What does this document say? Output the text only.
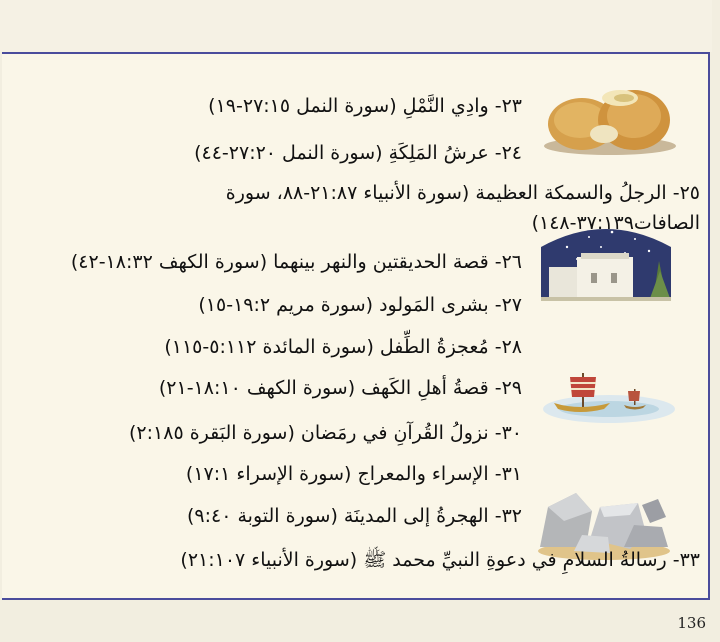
٢٣- وادِي النَّمْلِ (سورة النمل ٢٧:١٥-١٩)
٢٤- عرشُ المَلِكَةِ (سورة النمل ٢٧:٢٠-٤٤)
٢٥- الرجلُ والسمكة العظيمة (سورة الأنبياء ٢١:٨٧-٨٨، سورة الصافات٣٧:١٣٩-١٤٨)
٢٦- قصة الحديقتين والنهر بينهما (سورة الكهف ١٨:٣٢-٤٢)
٢٧- بشرى المَولود (سورة مريم ١٩:٢-١٥)
٢٨- مُعجزةُ الطِّفل (سورة المائدة ٥:١١٢-١١٥)
٢٩- قصةُ أهلِ الكَهف (سورة الكهف ١٨:١٠-٢١)
٣٠- نزولُ القُرآنِ في رمَضان (سورة البَقرة ٢:١٨٥)
٣١- الإسراء والمعراج (سورة الإسراء ١٧:١)
٣٢- الهجرةُ إلى المدينَة (سورة التوبة ٩:٤٠)
٣٣- رسالةُ السلامِ في دعوةِ النبيِّ محمد ﷺ (سورة الأنبياء ٢١:١٠٧)
136
